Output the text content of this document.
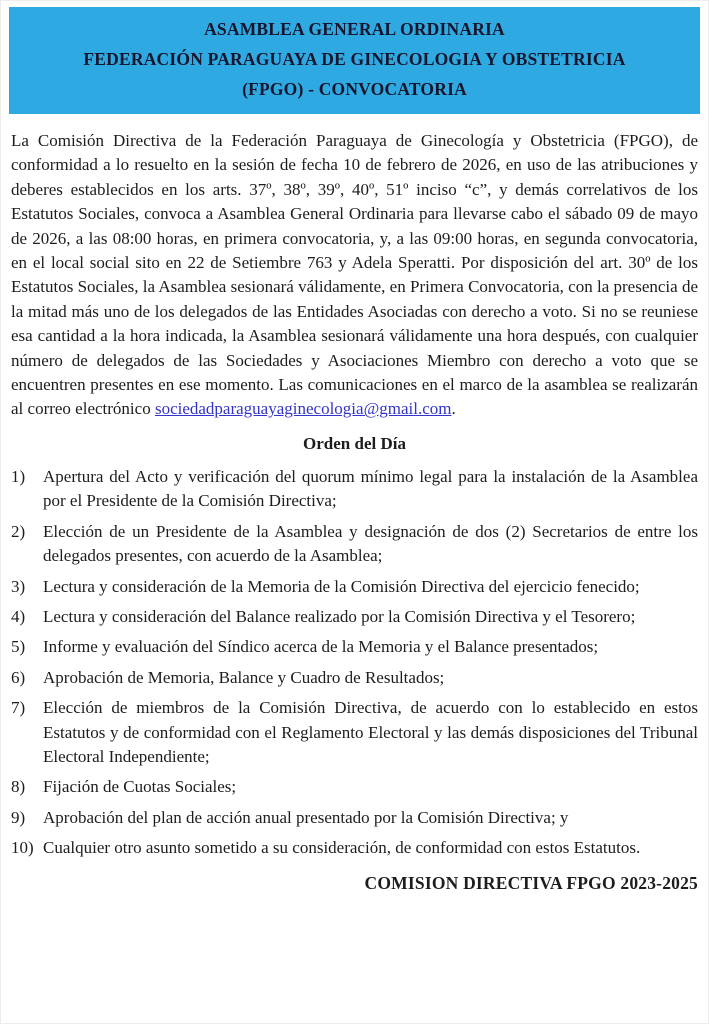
ASAMBLEA GENERAL ORDINARIA
FEDERACIÓN PARAGUAYA DE GINECOLOGIA Y OBSTETRICIA
(FPGO) - CONVOCATORIA

La Comisión Directiva de la Federación Paraguaya de Ginecología y Obstetricia (FPGO), de conformidad a lo resuelto en la sesión de fecha 10 de febrero de 2026, en uso de las atribuciones y deberes establecidos en los arts. 37º, 38º, 39º, 40º, 51º inciso “c”, y demás correlativos de los Estatutos Sociales, convoca a Asamblea General Ordinaria para llevarse cabo el sábado 09 de mayo de 2026, a las 08:00 horas, en primera convocatoria, y, a las 09:00 horas, en segunda convocatoria, en el local social sito en 22 de Setiembre 763 y Adela Speratti. Por disposición del art. 30º de los Estatutos Sociales, la Asamblea sesionará válidamente, en Primera Convocatoria, con la presencia de la mitad más uno de los delegados de las Entidades Asociadas con derecho a voto. Si no se reuniese esa cantidad a la hora indicada, la Asamblea sesionará válidamente una hora después, con cualquier número de delegados de las Sociedades y Asociaciones Miembro con derecho a voto que se encuentren presentes en ese momento. Las comunicaciones en el marco de la asamblea se realizarán al correo electrónico sociedadparaguayaginecologia@gmail.com.

Orden del Día
1)	Apertura del Acto y verificación del quorum mínimo legal para la instalación de la Asamblea por el Presidente de la Comisión Directiva;
2)	Elección de un Presidente de la Asamblea y designación de dos (2) Secretarios de entre los delegados presentes, con acuerdo de la Asamblea;
3)	Lectura y consideración de la Memoria de la Comisión Directiva del ejercicio fenecido;
4)	Lectura y consideración del Balance realizado por la Comisión Directiva y el Tesorero;
5)	Informe y evaluación del Síndico acerca de la Memoria y el Balance presentados;
6)	Aprobación de Memoria, Balance y Cuadro de Resultados;
7)	Elección de miembros de la Comisión Directiva, de acuerdo con lo establecido en estos Estatutos y de conformidad con el Reglamento Electoral y las demás disposiciones del Tribunal Electoral Independiente;
8)	Fijación de Cuotas Sociales;
9)	Aprobación del plan de acción anual presentado por la Comisión Directiva; y
10) Cualquier otro asunto sometido a su consideración, de conformidad con estos Estatutos.
COMISION DIRECTIVA FPGO 2023-2025
